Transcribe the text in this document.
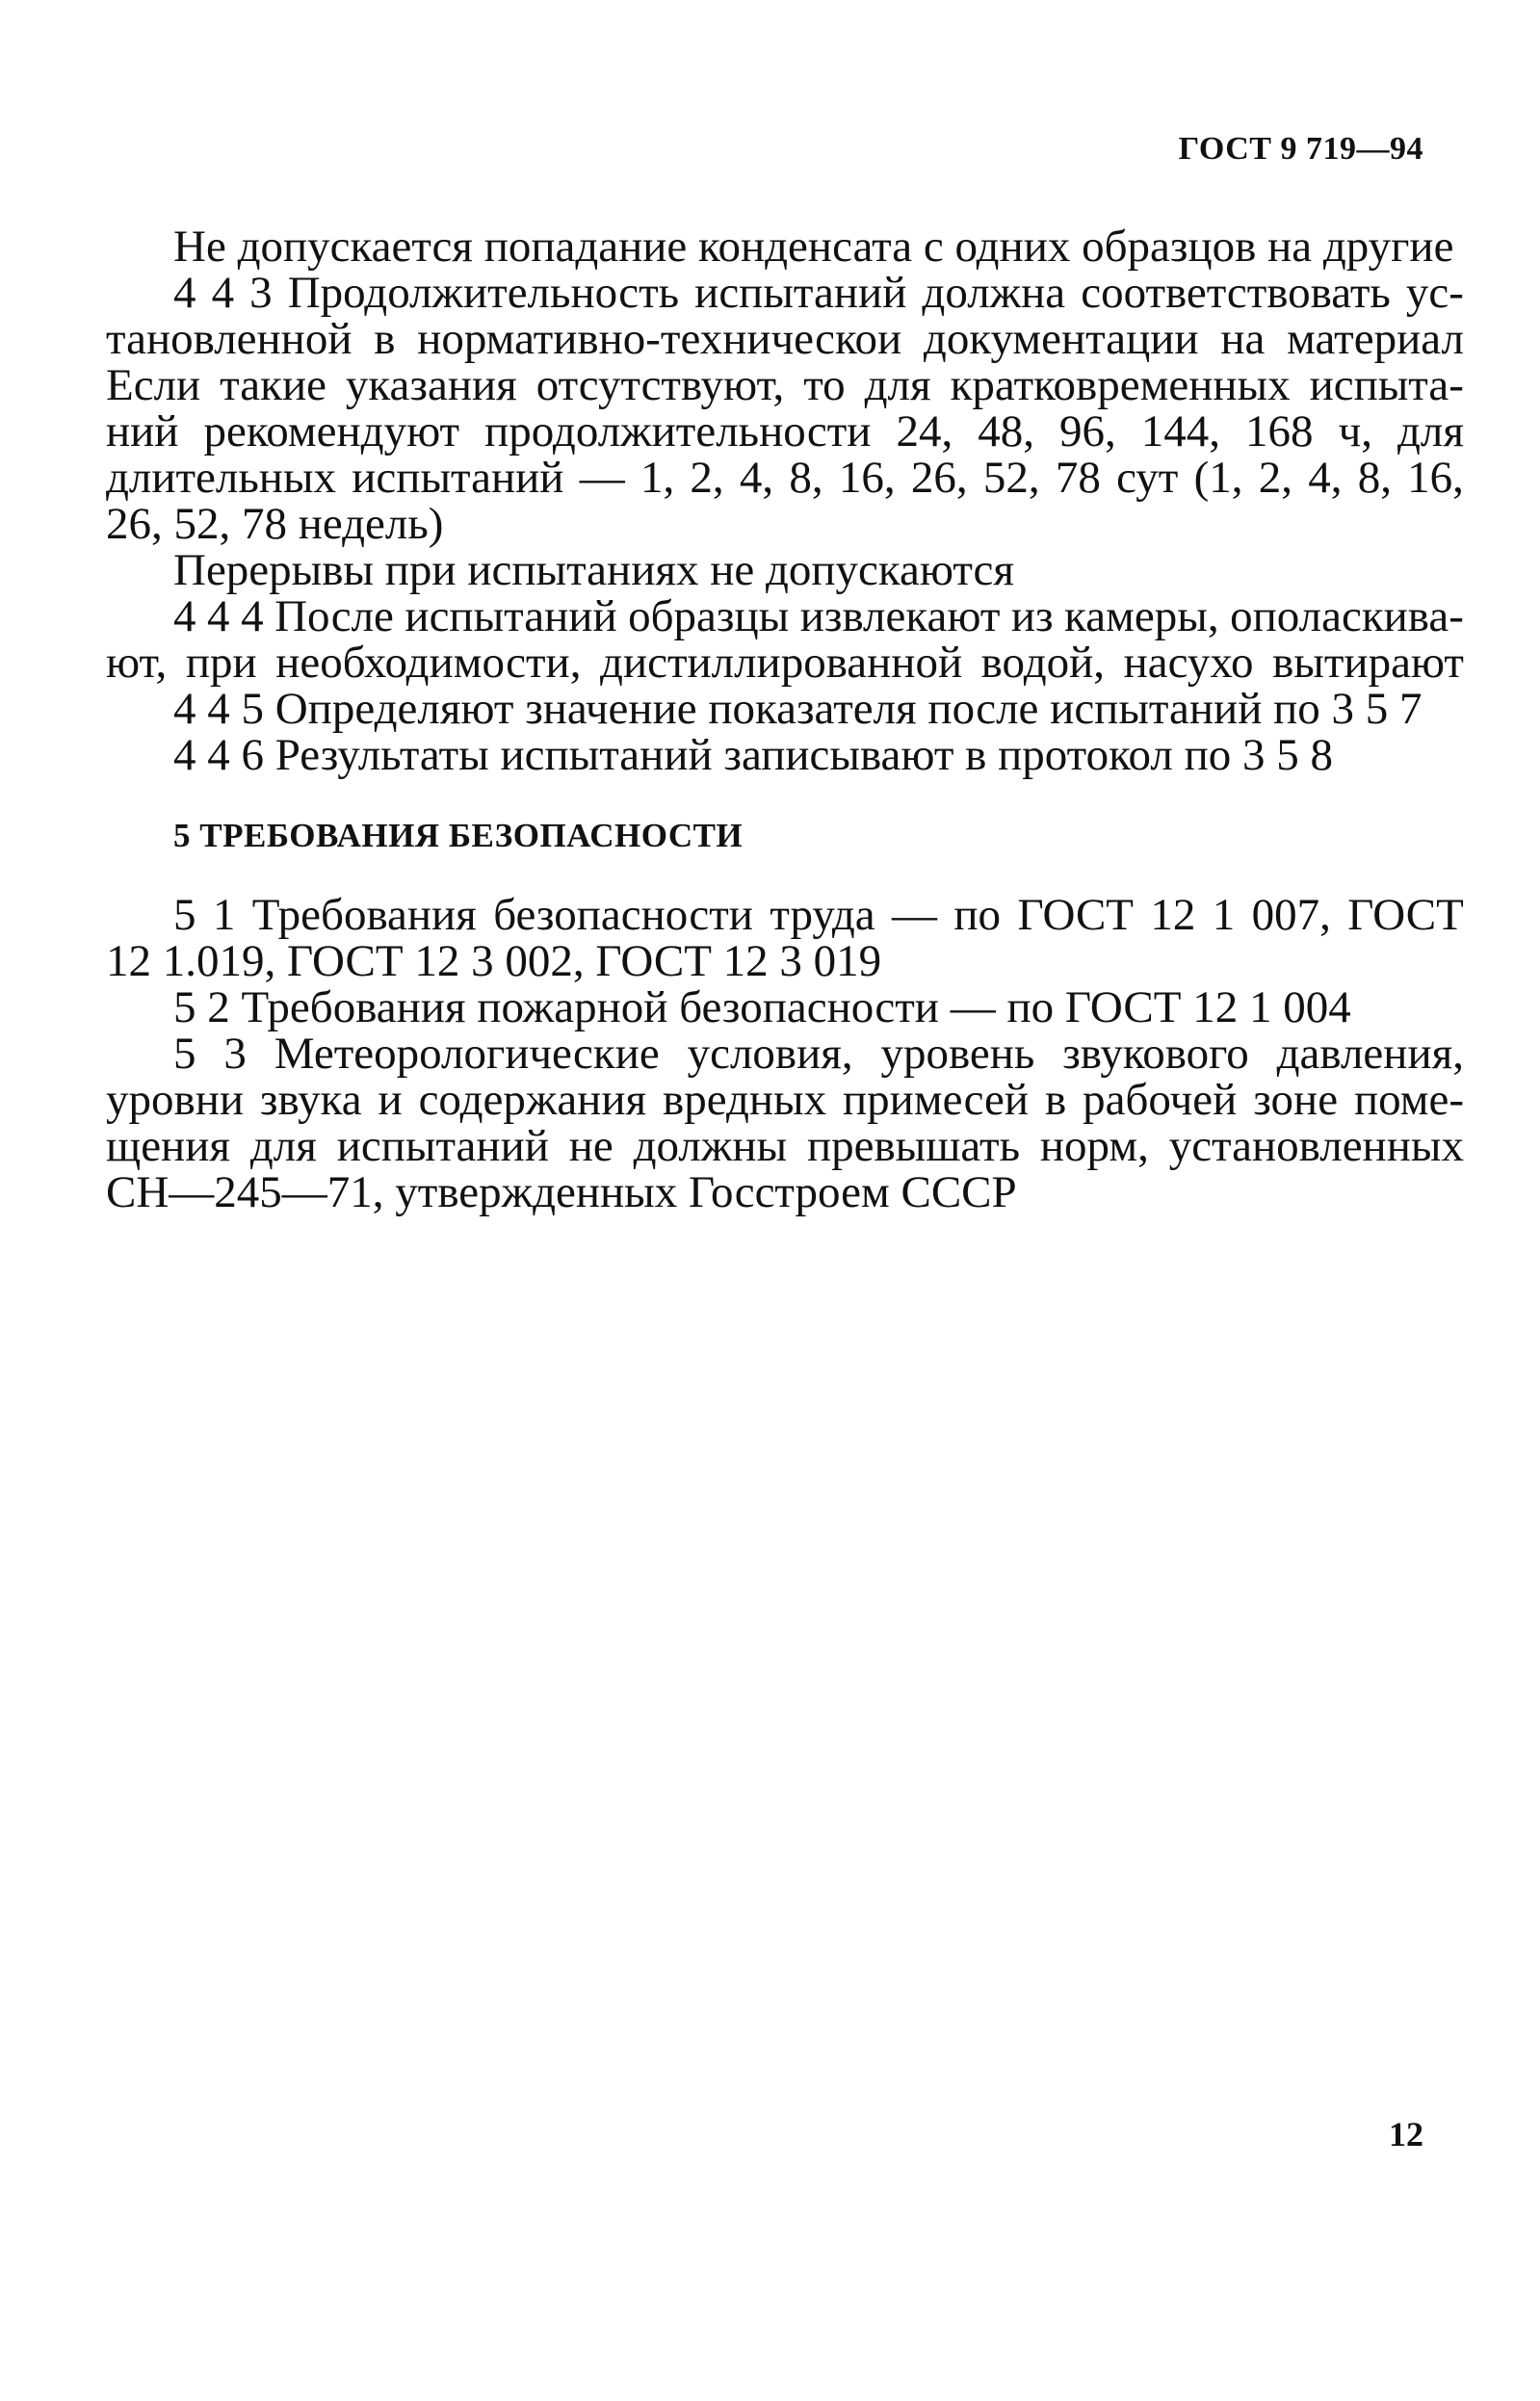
ГОСТ 9 719—94
Не допускается попадание конденсата с одних образцов на другие
4 4 3 Продолжительность испытаний должна соответствовать ус-
тановленной в нормативно-техническои документации на материал
Если такие указания отсутствуют, то для кратковременных испыта-
ний рекомендуют продолжительности 24, 48, 96, 144, 168 ч, для
длительных испытаний — 1, 2, 4, 8, 16, 26, 52, 78 сут (1, 2, 4, 8, 16,
26, 52, 78 недель)
Перерывы при испытаниях не допускаются
4 4 4 После испытаний образцы извлекают из камеры, ополаскива-
ют, при необходимости, дистиллированной водой, насухо вытирают
4 4 5 Определяют значение показателя после испытаний по 3 5 7
4 4 6 Результаты испытаний записывают в протокол по 3 5 8
5 ТРЕБОВАНИЯ БЕЗОПАСНОСТИ
5 1 Требования безопасности труда — по ГОСТ 12 1 007, ГОСТ
12 1.019, ГОСТ 12 3 002, ГОСТ 12 3 019
5 2 Требования пожарной безопасности — по ГОСТ 12 1 004
5 3 Метеорологические условия, уровень звукового давления,
уровни звука и содержания вредных примесей в рабочей зоне поме-
щения для испытаний не должны превышать норм, установленных
СН—245—71, утвержденных Госстроем СССР
12
